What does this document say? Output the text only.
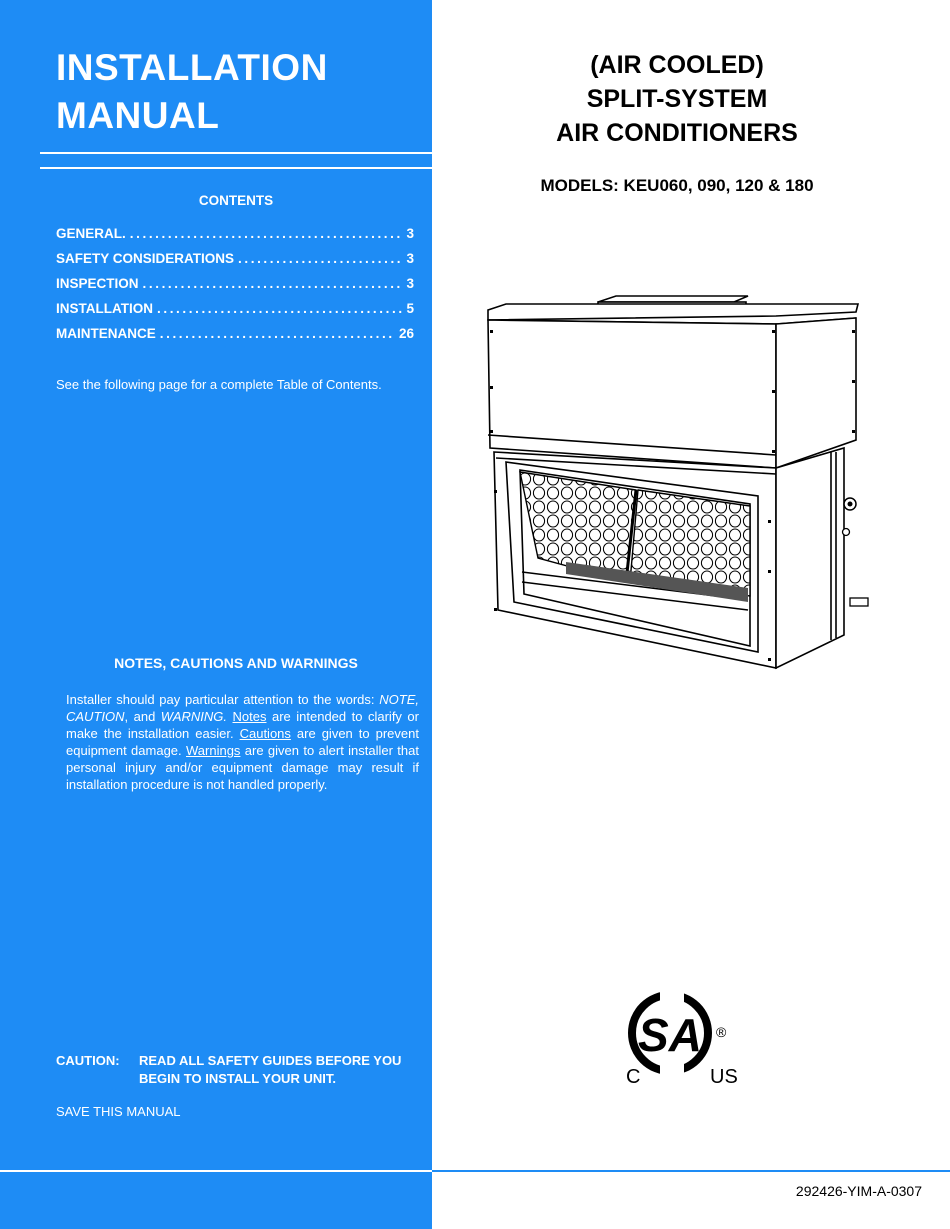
INSTALLATION
MANUAL
CONTENTS
GENERAL. .....	3
SAFETY CONSIDERATIONS .....	3
INSPECTION .....	3
INSTALLATION .....	5
MAINTENANCE .....	26
See the following page for a complete Table of Contents.
NOTES, CAUTIONS AND WARNINGS
Installer should pay particular attention to the words: NOTE, CAUTION, and WARNING. Notes are intended to clarify or make the installation easier. Cautions are given to prevent equipment damage. Warnings are given to alert installer that personal injury and/or equipment damage may result if installation procedure is not handled properly.
CAUTION: READ ALL SAFETY GUIDES BEFORE YOU BEGIN TO INSTALL YOUR UNIT.
SAVE THIS MANUAL
(AIR COOLED)
SPLIT-SYSTEM
AIR CONDITIONERS
MODELS: KEU060, 090, 120 & 180
SA ®
C	US
292426-YIM-A-0307
